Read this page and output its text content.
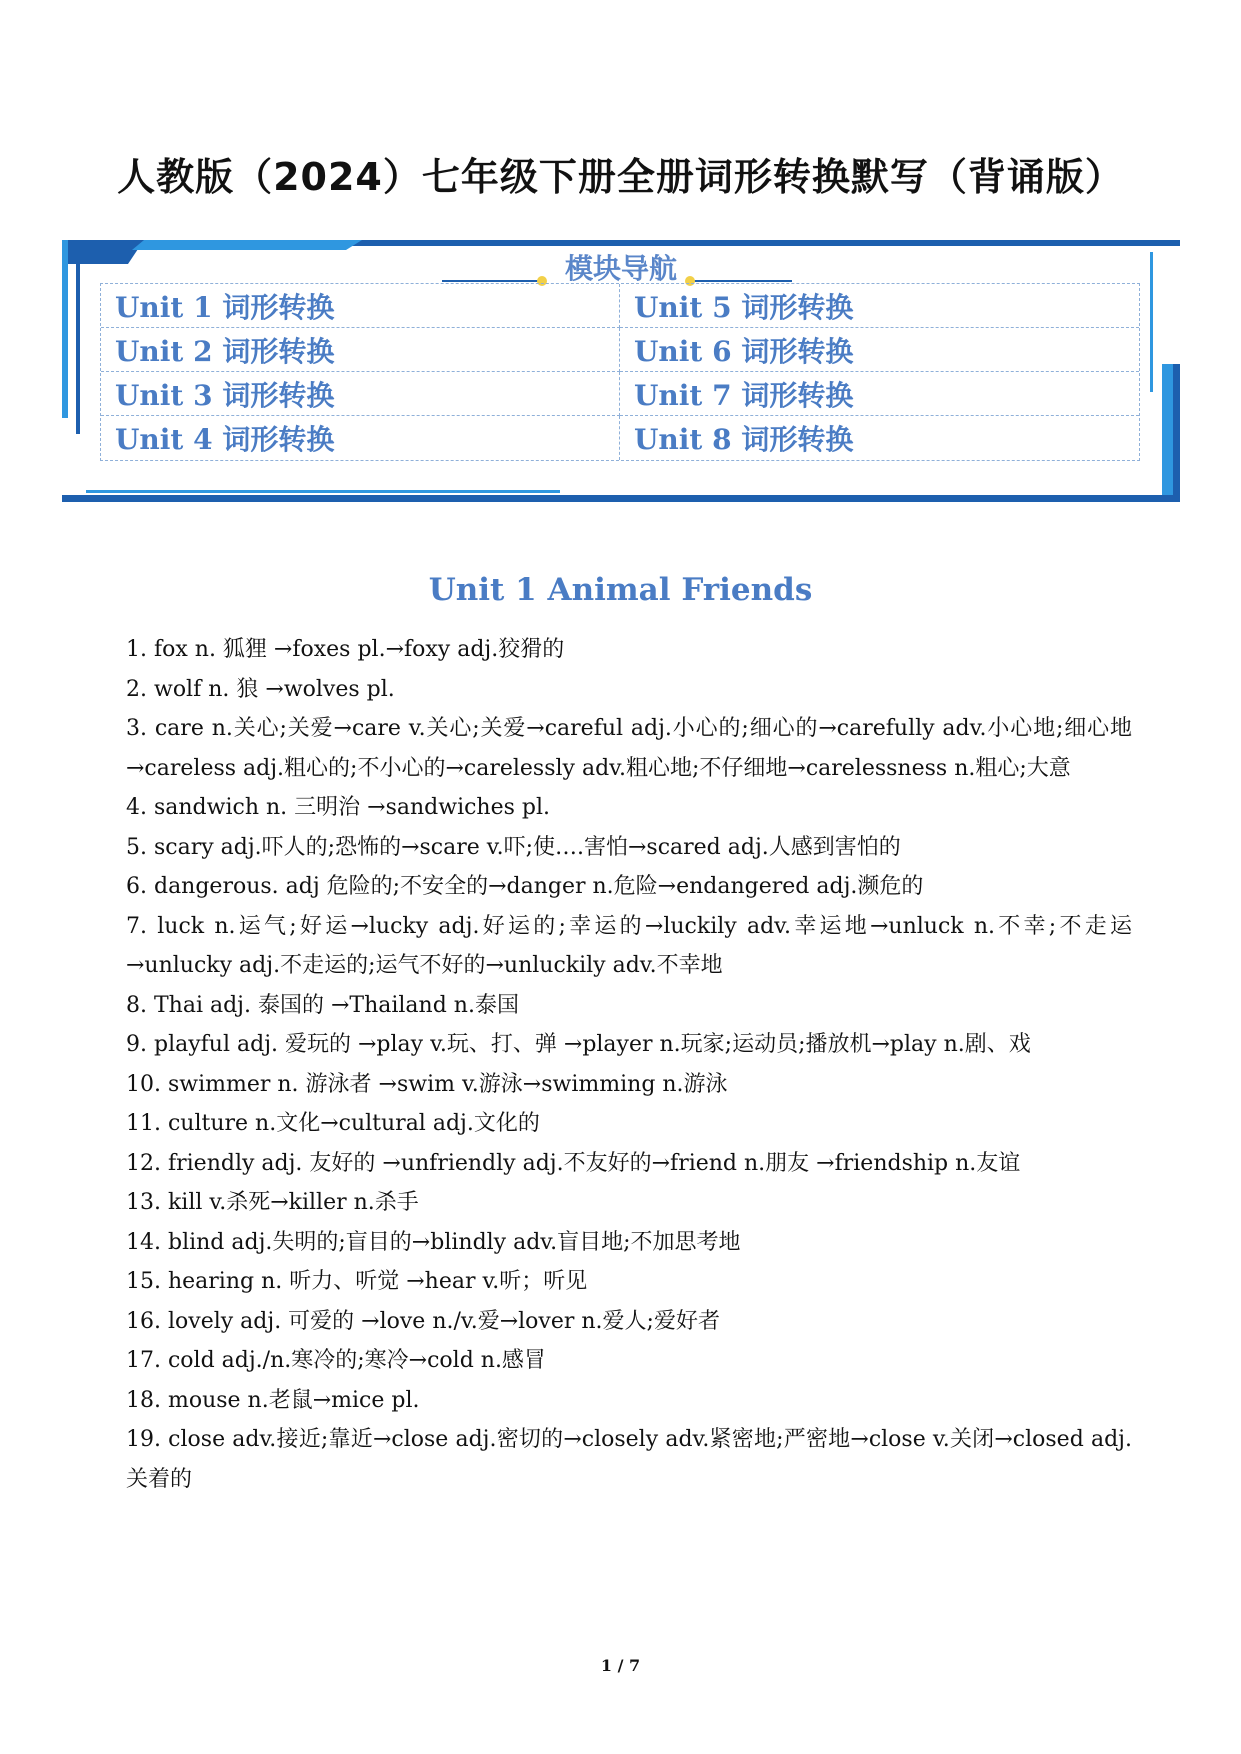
人教版（2024）七年级下册全册词形转换默写（背诵版）
模块导航
Unit 1 词形转换	Unit 5 词形转换
Unit 2 词形转换	Unit 6 词形转换
Unit 3 词形转换	Unit 7 词形转换
Unit 4 词形转换	Unit 8 词形转换
Unit 1 Animal Friends

1. fox n. 狐狸 →foxes pl.→foxy adj.狡猾的

2. wolf n. 狼 →wolves pl.

3. care n.关心;关爱→care v.关心;关爱→careful adj.小心的;细心的→carefully adv.小心地;细心地→careless adj.粗心的;不小心的→carelessly adv.粗心地;不仔细地→carelessness n.粗心;大意

4. sandwich n. 三明治 →sandwiches pl.

5. scary adj.吓人的;恐怖的→scare v.吓;使….害怕→scared adj.人感到害怕的

6. dangerous. adj 危险的;不安全的→danger n.危险→endangered adj.濒危的

7. luck n.运气;好运→lucky adj.好运的;幸运的→luckily adv.幸运地→unluck n.不幸;不走运→unlucky adj.不走运的;运气不好的→unluckily adv.不幸地

8. Thai adj. 泰国的 →Thailand n.泰国

9. playful adj. 爱玩的 →play v.玩、打、弹 →player n.玩家;运动员;播放机→play n.剧、戏

10. swimmer n. 游泳者 →swim v.游泳→swimming n.游泳

11. culture n.文化→cultural adj.文化的

12. friendly adj. 友好的 →unfriendly adj.不友好的→friend n.朋友 →friendship n.友谊

13. kill v.杀死→killer n.杀手

14. blind adj.失明的;盲目的→blindly adv.盲目地;不加思考地

15. hearing n. 听力、听觉 →hear v.听；听见

16. lovely adj. 可爱的 →love n./v.爱→lover n.爱人;爱好者

17. cold adj./n.寒冷的;寒冷→cold n.感冒

18. mouse n.老鼠→mice pl.

19. close adv.接近;靠近→close adj.密切的→closely adv.紧密地;严密地→close v.关闭→closed adj.关着的

1 / 7
